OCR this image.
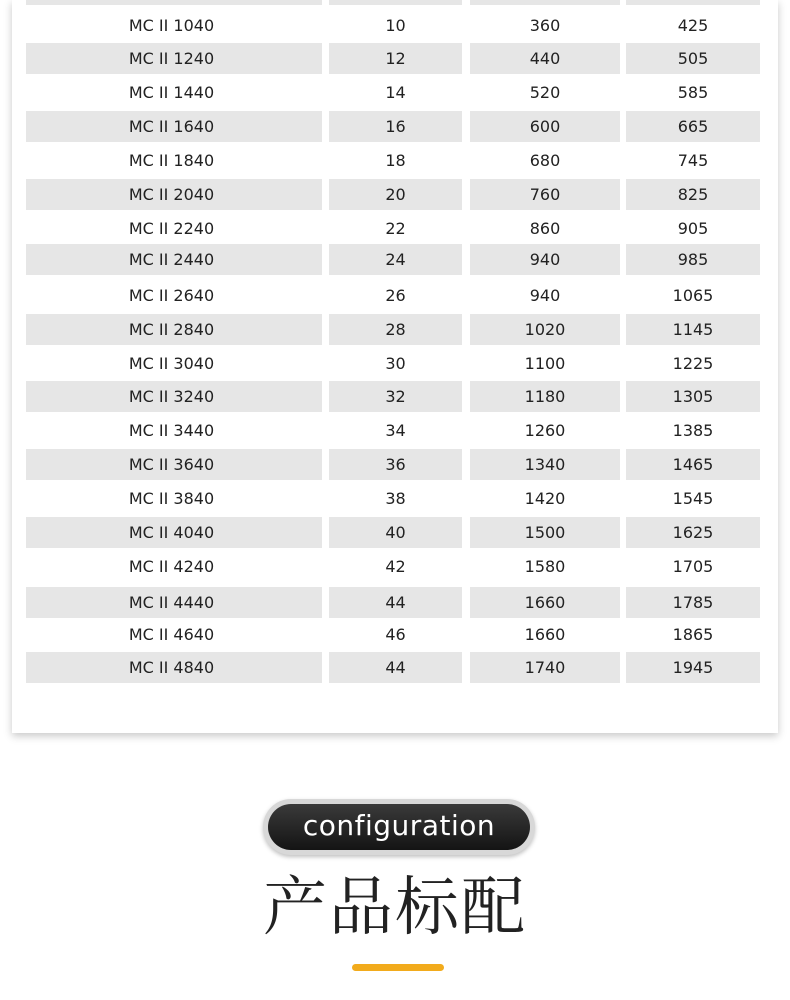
MC II 1040	10	360	425
MC II 1240	12	440	505
MC II 1440	14	520	585
MC II 1640	16	600	665
MC II 1840	18	680	745
MC II 2040	20	760	825
MC II 2240	22	860	905
MC II 2440	24	940	985
MC II 2640	26	940	1065
MC II 2840	28	1020	1145
MC II 3040	30	1100	1225
MC II 3240	32	1180	1305
MC II 3440	34	1260	1385
MC II 3640	36	1340	1465
MC II 3840	38	1420	1545
MC II 4040	40	1500	1625
MC II 4240	42	1580	1705
MC II 4440	44	1660	1785
MC II 4640	46	1660	1865
MC II 4840	44	1740	1945
configuration
产品标配
